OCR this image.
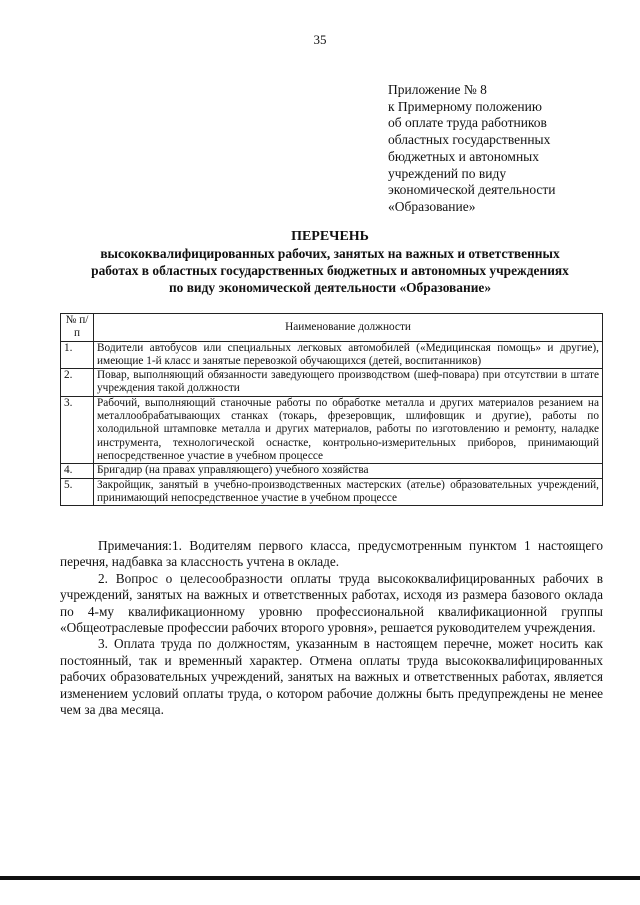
35
Приложение № 8
к Примерному положению
об оплате труда работников
областных государственных
бюджетных и автономных
учреждений по виду
экономической деятельности
«Образование»
ПЕРЕЧЕНЬ
высококвалифицированных рабочих, занятых на важных и ответственных
работах в областных государственных бюджетных и автономных учреждениях
по виду экономической деятельности «Образование»
№ п/п	Наименование должности
1.	Водители автобусов или специальных легковых автомобилей («Медицинская помощь» и другие), имеющие 1-й класс и занятые перевозкой обучающихся (детей, воспитанников)
2.	Повар, выполняющий обязанности заведующего производством (шеф-повара) при отсутствии в штате учреждения такой должности
3.	Рабочий, выполняющий станочные работы по обработке металла и других материалов резанием на металлообрабатывающих станках (токарь, фрезеровщик, шлифовщик и другие), работы по холодильной штамповке металла и других материалов, работы по изготовлению и ремонту, наладке инструмента, технологической оснастке, контрольно-измерительных приборов, принимающий непосредственное участие в учебном процессе
4.	Бригадир (на правах управляющего) учебного хозяйства
5.	Закройщик, занятый в учебно-производственных мастерских (ателье) образовательных учреждений, принимающий непосредственное участие в учебном процессе

Примечания:1. Водителям первого класса, предусмотренным пунктом 1 настоящего перечня, надбавка за классность учтена в окладе.

2. Вопрос о целесообразности оплаты труда высококвалифицированных рабочих в учреждений, занятых на важных и ответственных работах, исходя из размера базового оклада по 4-му квалификационному уровню профессиональной квалификационной группы «Общеотраслевые профессии рабочих второго уровня», решается руководителем учреждения.

3. Оплата труда по должностям, указанным в настоящем перечне, может носить как постоянный, так и временный характер. Отмена оплаты труда высококвалифицированных рабочих образовательных учреждений, занятых на важных и ответственных работах, является изменением условий оплаты труда, о котором рабочие должны быть предупреждены не менее чем за два месяца.
